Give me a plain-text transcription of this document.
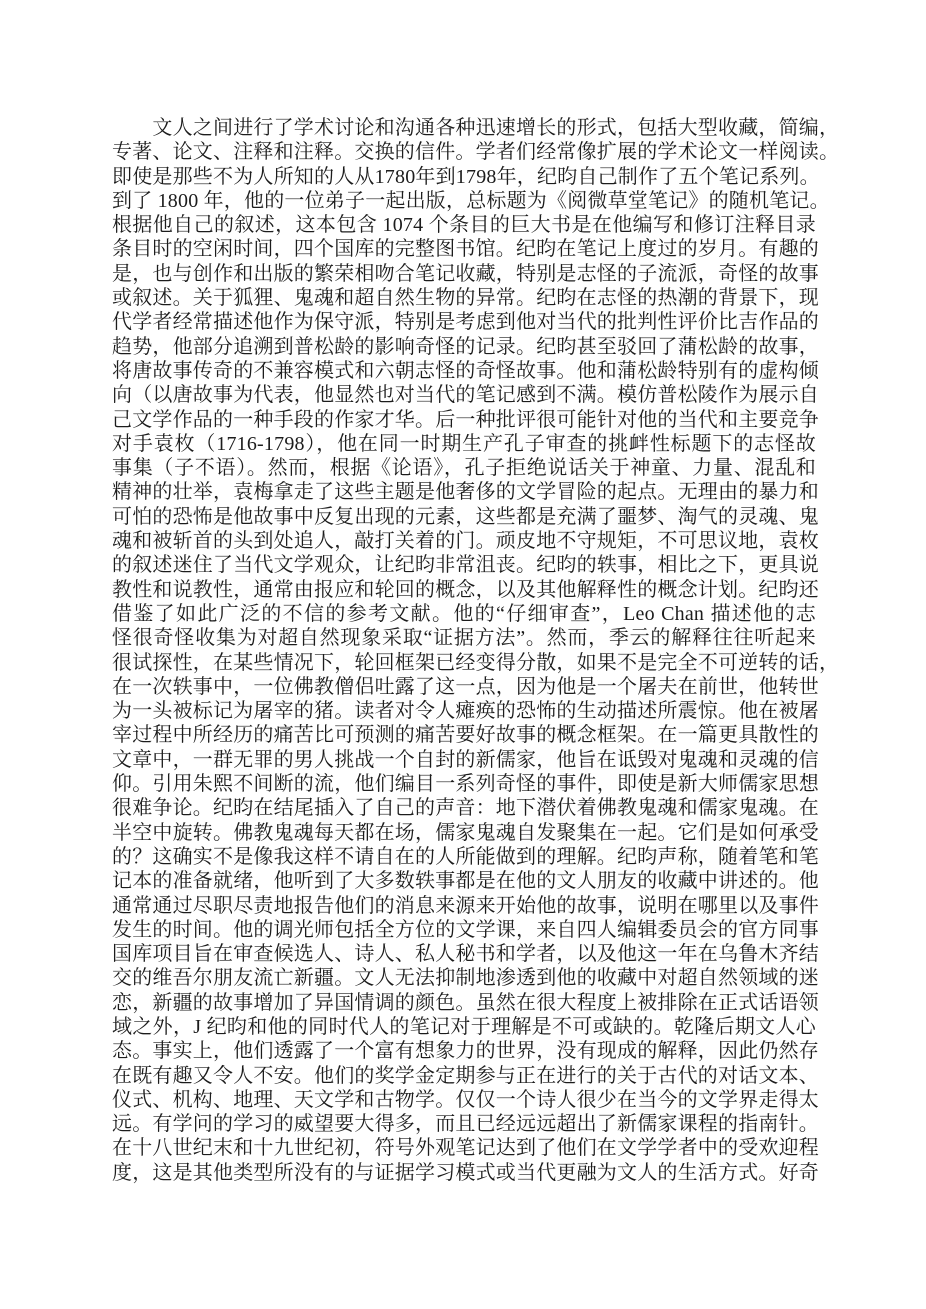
　　文人之间进行了学术讨论和沟通各种迅速增长的形式，包括大型收藏，简编，
专著、论文、注释和注释。交换的信件。学者们经常像扩展的学术论文一样阅读。
即使是那些不为人所知的人从1780年到1798年，纪昀自己制作了五个笔记系列。
到了 1800 年，他的一位弟子一起出版，总标题为《阅微草堂笔记》的随机笔记。
根据他自己的叙述，这本包含 1074 个条目的巨大书是在他编写和修订注释目录
条目时的空闲时间，四个国库的完整图书馆。纪昀在笔记上度过的岁月。有趣的
是，也与创作和出版的繁荣相吻合笔记收藏，特别是志怪的子流派，奇怪的故事
或叙述。关于狐狸、鬼魂和超自然生物的异常。纪昀在志怪的热潮的背景下，现
代学者经常描述他作为保守派，特别是考虑到他对当代的批判性评价比吉作品的
趋势，他部分追溯到普松龄的影响奇怪的记录。纪昀甚至驳回了蒲松龄的故事，
将唐故事传奇的不兼容模式和六朝志怪的奇怪故事。他和蒲松龄特别有的虚构倾
向（以唐故事为代表，他显然也对当代的笔记感到不满。模仿普松陵作为展示自
己文学作品的一种手段的作家才华。后一种批评很可能针对他的当代和主要竞争
对手袁枚（1716-1798），他在同一时期生产孔子审查的挑衅性标题下的志怪故
事集（子不语）。然而，根据《论语》，孔子拒绝说话关于神童、力量、混乱和
精神的壮举，袁梅拿走了这些主题是他奢侈的文学冒险的起点。无理由的暴力和
可怕的恐怖是他故事中反复出现的元素，这些都是充满了噩梦、淘气的灵魂、鬼
魂和被斩首的头到处追人，敲打关着的门。顽皮地不守规矩，不可思议地，袁枚
的叙述迷住了当代文学观众，让纪昀非常沮丧。纪昀的轶事，相比之下，更具说
教性和说教性，通常由报应和轮回的概念，以及其他解释性的概念计划。纪昀还
借鉴了如此广泛的不信的参考文献。他的“仔细审查”，Leo Chan 描述他的志
怪很奇怪收集为对超自然现象采取“证据方法”。然而，季云的解释往往听起来
很试探性，在某些情况下，轮回框架已经变得分散，如果不是完全不可逆转的话，
在一次轶事中，一位佛教僧侣吐露了这一点，因为他是一个屠夫在前世，他转世
为一头被标记为屠宰的猪。读者对令人瘫痪的恐怖的生动描述所震惊。他在被屠
宰过程中所经历的痛苦比可预测的痛苦要好故事的概念框架。在一篇更具散性的
文章中，一群无罪的男人挑战一个自封的新儒家，他旨在诋毁对鬼魂和灵魂的信
仰。引用朱熙不间断的流，他们编目一系列奇怪的事件，即使是新大师儒家思想
很难争论。纪昀在结尾插入了自己的声音：地下潜伏着佛教鬼魂和儒家鬼魂。在
半空中旋转。佛教鬼魂每天都在场，儒家鬼魂自发聚集在一起。它们是如何承受
的？这确实不是像我这样不请自在的人所能做到的理解。纪昀声称，随着笔和笔
记本的准备就绪，他听到了大多数轶事都是在他的文人朋友的收藏中讲述的。他
通常通过尽职尽责地报告他们的消息来源来开始他的故事，说明在哪里以及事件
发生的时间。他的调光师包括全方位的文学课，来自四人编辑委员会的官方同事
国库项目旨在审查候选人、诗人、私人秘书和学者，以及他这一年在乌鲁木齐结
交的维吾尔朋友流亡新疆。文人无法抑制地渗透到他的收藏中对超自然领域的迷
恋，新疆的故事增加了异国情调的颜色。虽然在很大程度上被排除在正式话语领
域之外，J 纪昀和他的同时代人的笔记对于理解是不可或缺的。乾隆后期文人心
态。事实上，他们透露了一个富有想象力的世界，没有现成的解释，因此仍然存
在既有趣又令人不安。他们的奖学金定期参与正在进行的关于古代的对话文本、
仪式、机构、地理、天文学和古物学。仅仅一个诗人很少在当今的文学界走得太
远。有学问的学习的威望要大得多，而且已经远远超出了新儒家课程的指南针。
在十八世纪末和十九世纪初，符号外观笔记达到了他们在文学学者中的受欢迎程
度，这是其他类型所没有的与证据学习模式或当代更融为文人的生活方式。好奇
